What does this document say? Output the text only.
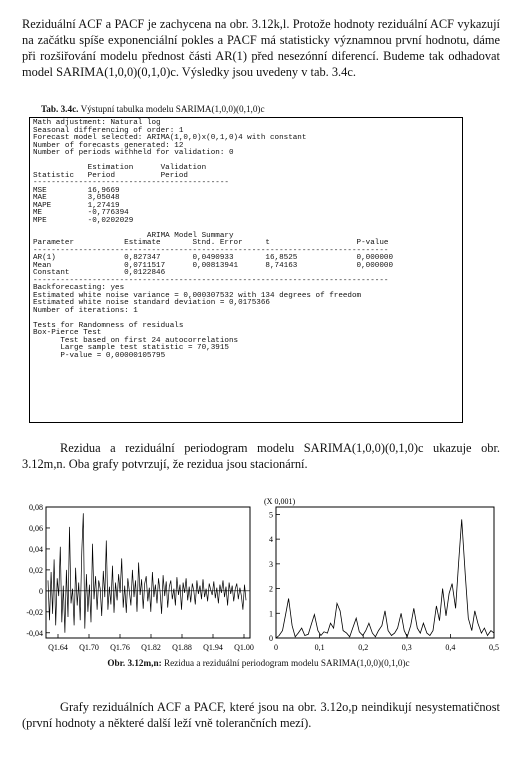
Reziduální ACF a PACF je zachycena na obr. 3.12k,l. Protože hodnoty reziduální ACF vykazují na začátku spíše exponenciální pokles a PACF má statisticky významnou první hodnotu, dáme při rozšiřování modelu přednost části AR(1) před nesezónní diferencí. Budeme tak odhadovat model SARIMA(1,0,0)(0,1,0)c. Výsledky jsou uvedeny v tab. 3.4c.

Tab. 3.4c. Výstupní tabulka modelu SARIMA(1,0,0)(0,1,0)c
Math adjustment: Natural log
Seasonal differencing of order: 1
Forecast model selected: ARIMA(1,0,0)x(0,1,0)4 with constant
Number of forecasts generated: 12
Number of periods withheld for validation: 0

Estimation      Validation
Statistic   Period          Period
-------------------------------------------
MSE         16,9669
MAE         3,05048
MAPE        1,27419
ME          -0,776394
MPE         -0,0202029

ARIMA Model Summary
Parameter           Estimate       Stnd. Error     t                   P-value
------------------------------------------------------------------------------
AR(1)               0,827347       0,0490933       16,8525             0,000000
Mean                0,0711517      0,00813941      8,74163             0,000000
Constant            0,0122846
------------------------------------------------------------------------------
Backforecasting: yes
Estimated white noise variance = 0,000307532 with 134 degrees of freedom
Estimated white noise standard deviation = 0,0175366
Number of iterations: 1

Tests for Randomness of residuals
Box-Pierce Test
Test based on first 24 autocorrelations
Large sample test statistic = 70,3915
P-value = 0,00000105795

Rezidua a reziduální periodogram modelu SARIMA(1,0,0)(0,1,0)c ukazuje obr. 3.12m,n. Oba grafy potvrzují, že rezidua jsou stacionární.

0,08
0,06
0,04
0,02
0
-0,02
-0,04
Q1.64 Q1.70 Q1.76 Q1.82 Q1.88 Q1.94 Q1.00
(X 0,001)
0
1
2
3
4
5
0	0,1	0,2	0,3	0,4	0,5
Obr. 3.12m,n: Rezidua a reziduální periodogram modelu SARIMA(1,0,0)(0,1,0)c

Grafy reziduálních ACF a PACF, které jsou na obr. 3.12o,p neindikují nesystematičnost (první hodnoty a některé další leží vně tolerančních mezí).
